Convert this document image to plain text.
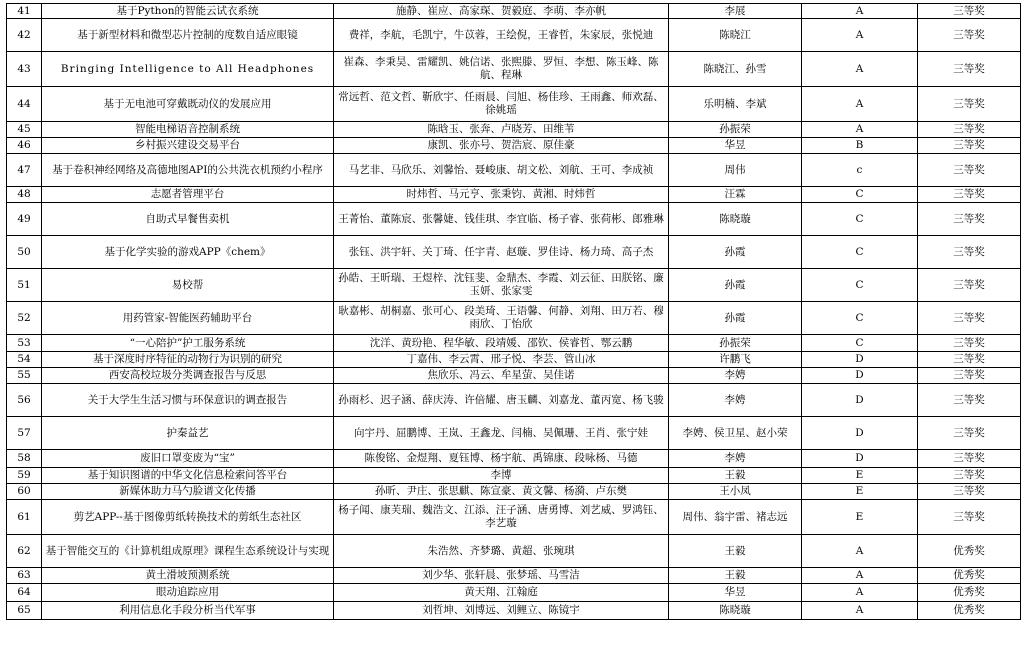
41	基于Python的智能云试衣系统	施静、崔应、高家琛、贺毅庭、李萌、李亦帆	李展	A	三等奖
42	基于新型材料和微型芯片控制的度数自适应眼镜	费祥，李航，毛凯宁，牛苡蓉，王绘倪，王睿哲，朱家辰，张悦迪	陈晓江	A	三等奖
43	Bringing Intelligence to All Headphones	崔森、李秉昊、雷耀凯、姚信诺、张熙滕、罗恒、李想、陈玉峰、陈航、程琳	陈晓江、孙雪	A	三等奖
44	基于无电池可穿戴既动仪的发展应用	常远哲、范文哲、靳欣宇、任雨晨、闫旭、杨佳珍、王雨鑫、师欢磊、徐姚瑶	乐明楠、李斌	A	三等奖
45	智能电梯语音控制系统	陈晗玉、张奔、卢晓芳、田维苇	孙振荣	A	三等奖
46	乡村振兴建设交易平台	康凯、张亦号、贺浩宸、原佳豪	华昱	B	三等奖
47	基于卷积神经网络及高德地图API的公共洗衣机预约小程序	马艺非、马欣乐、刘馨怡、聂峻康、胡文松、刘航、王可、李成祯	周伟	c	三等奖
48	志愿者管理平台	时炜哲、马元亨、张秉钧、黄湘、时炜哲	汪霖	C	三等奖
49	自助式早餐售卖机	王菁怡、董陈宸、张馨婕、钱佳琪、李宜临、杨子睿、张荷彬、郎雅琳	陈晓璇	C	三等奖
50	基于化学实验的游戏APP《chem》	张钰、洪宇轩、关丁琦、任宇青、赵璇、罗佳诗、杨力琦、高子杰	孙霞	C	三等奖
51	易校帮	孙皓、王昕瑞、王煜梓、沈钰斐、金鼎杰、李霞、刘云征、田朕铭、廉玉妍、张家雯	孙霞	C	三等奖
52	用药管家-智能医药辅助平台	耿嘉彬、胡桐嘉、张可心、段美琦、王语馨、何静、刘翔、田万若、穆雨欣、丁怡欣	孙霞	C	三等奖
53	“一心陪护”护工服务系统	沈洋、黄玢艳、程华敏、段靖媛、邵钦、侯睿哲、鄂云鹏	孙振荣	C	三等奖
54	基于深度时序特征的动物行为识别的研究	丁嘉伟、李云霄、邢子悦、李芸、管山冰	许鹏飞	D	三等奖
55	西安高校垃圾分类调查报告与反思	焦欣乐、冯云、牟星萤、吴佳诺	李娉	D	三等奖
56	关于大学生生活习惯与环保意识的调查报告	孙雨杉、迟子涵、薛庆涛、许倍耀、唐玉麟、刘嘉龙、董丙宽、杨飞骏	李娉	D	三等奖
57	护秦益艺	向宇丹、屈鹏博、王岚、王鑫龙、闫楠、吴佩珊、王肖、张宁娃	李娉、侯卫星、赵小荣	D	三等奖
58	废旧口罩变废为“宝”	陈俊铭、金煜翔、夏钰博、杨宇航、禹锦康、段咏杨、马德	李娉	D	三等奖
59	基于知识图谱的中华文化信息检索问答平台	李博	王毅	E	三等奖
60	新媒体助力马勺脸谱文化传播	孙昕、尹庄、张思麒、陈宣豪、黄文馨、杨漪、卢东樊	王小凤	E	三等奖
61	剪艺APP--基于图像剪纸转换技术的剪纸生态社区	杨子闻、康芙瑞、魏浩文、江添、汪子涵、唐勇博、刘艺威、罗鸿钰、李艺璇	周伟、翁宇雷、褚志远	E	三等奖
62	基于智能交互的《计算机组成原理》课程生态系统设计与实现	朱浩然、齐梦璐、黄超、张琬琪	王毅	A	优秀奖
63	黄土滑坡预测系统	刘少华、张轩晨、张梦瑶、马雪洁	王毅	A	优秀奖
64	眼动追踪应用	黄天翔、江翰庭	华昱	A	优秀奖
65	利用信息化手段分析当代军事	刘哲坤、刘博远、刘鲤立、陈镜宇	陈晓璇	A	优秀奖
